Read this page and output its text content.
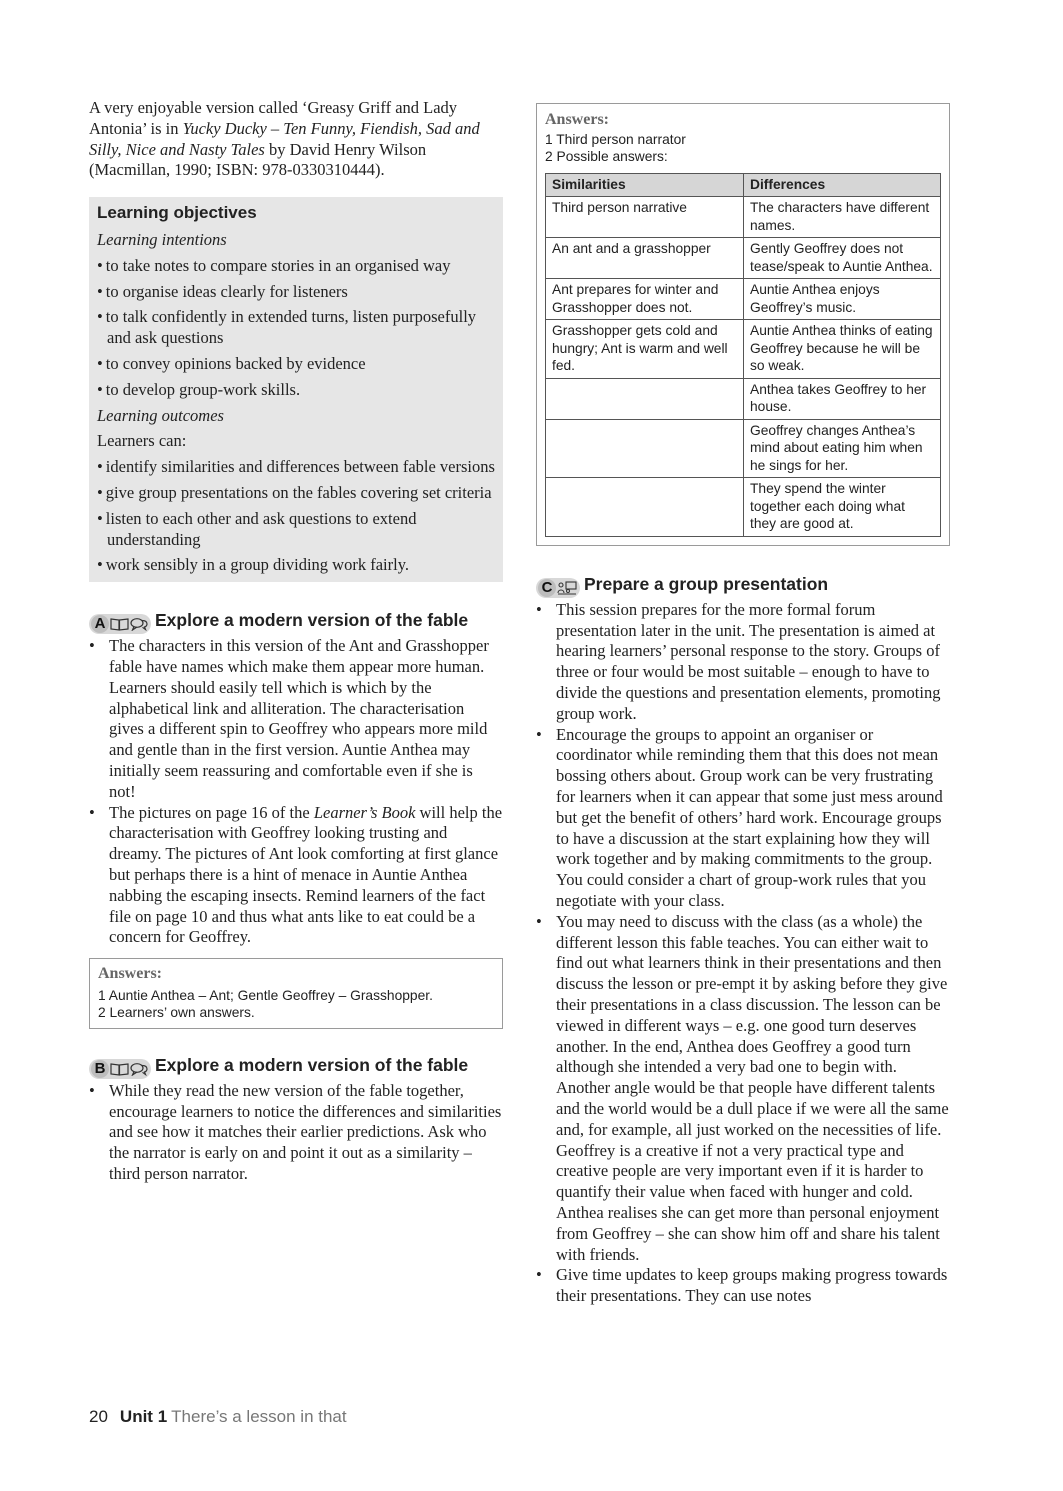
A very enjoyable version called ‘Greasy Griff and Lady Antonia’ is in Yucky Ducky – Ten Funny, Fiendish, Sad and Silly, Nice and Nasty Tales by David Henry Wilson (Macmillan, 1990; ISBN: 978-0330310444).

Learning objectives
Learning intentions
• to take notes to compare stories in an organised way
• to organise ideas clearly for listeners
• to talk confidently in extended turns, listen purposefully and ask questions
• to convey opinions backed by evidence
• to develop group-work skills.
Learning outcomes
Learners can:
• identify similarities and differences between fable versions
• give group presentations on the fables covering set criteria
• listen to each other and ask questions to extend understanding
• work sensibly in a group dividing work fairly.
A	Explore a modern version of the fable
• The characters in this version of the Ant and Grasshopper fable have names which make them appear more human. Learners should easily tell which is which by the alphabetical link and alliteration. The characterisation gives a different spin to Geoffrey who appears more mild and gentle than in the first version. Auntie Anthea may initially seem reassuring and comfortable even if she is not!
• The pictures on page 16 of the Learner’s Book will help the characterisation with Geoffrey looking trusting and dreamy. The pictures of Ant look comforting at first glance but perhaps there is a hint of menace in Auntie Anthea nabbing the escaping insects. Remind learners of the fact file on page 10 and thus what ants like to eat could be a concern for Geoffrey.
Answers:
1 Auntie Anthea – Ant; Gentle Geoffrey – Grasshopper.
2 Learners’ own answers.
B	Explore a modern version of the fable
• While they read the new version of the fable together, encourage learners to notice the differences and similarities and see how it matches their earlier predictions. Ask who the narrator is early on and point it out as a similarity – third person narrator.
Answers:
1 Third person narrator
2 Possible answers:
Similarities	Differences
Third person narrative	The characters have different names.
An ant and a grasshopper	Gently Geoffrey does not tease/speak to Auntie Anthea.
Ant prepares for winter and Grasshopper does not.	Auntie Anthea enjoys Geoffrey’s music.
Grasshopper gets cold and hungry; Ant is warm and well fed.	Auntie Anthea thinks of eating Geoffrey because he will be so weak.
	Anthea takes Geoffrey to her house.
	Geoffrey changes Anthea’s mind about eating him when he sings for her.
	They spend the winter together each doing what they are good at.
C Prepare a group presentation
• This session prepares for the more formal forum presentation later in the unit. The presentation is aimed at hearing learners’ personal response to the story. Groups of three or four would be most suitable – enough to have to divide the questions and presentation elements, promoting group work.
• Encourage the groups to appoint an organiser or coordinator while reminding them that this does not mean bossing others about. Group work can be very frustrating for learners when it can appear that some just mess around but get the benefit of others’ hard work. Encourage groups to have a discussion at the start explaining how they will work together and by making commitments to the group. You could consider a chart of group-work rules that you negotiate with your class.
• You may need to discuss with the class (as a whole) the different lesson this fable teaches. You can either wait to find out what learners think in their presentations and then discuss the lesson or pre-empt it by asking before they give their presentations in a class discussion. The lesson can be viewed in different ways – e.g. one good turn deserves another. In the end, Anthea does Geoffrey a good turn although she intended a very bad one to begin with. Another angle would be that people have different talents and the world would be a dull place if we were all the same and, for example, all just worked on the necessities of life. Geoffrey is a creative if not a very practical type and creative people are very important even if it is harder to quantify their value when faced with hunger and cold. Anthea realises she can get more than personal enjoyment from Geoffrey – she can show him off and share his talent with friends.
• Give time updates to keep groups making progress towards their presentations. They can use notes
20 Unit 1 There’s a lesson in that
